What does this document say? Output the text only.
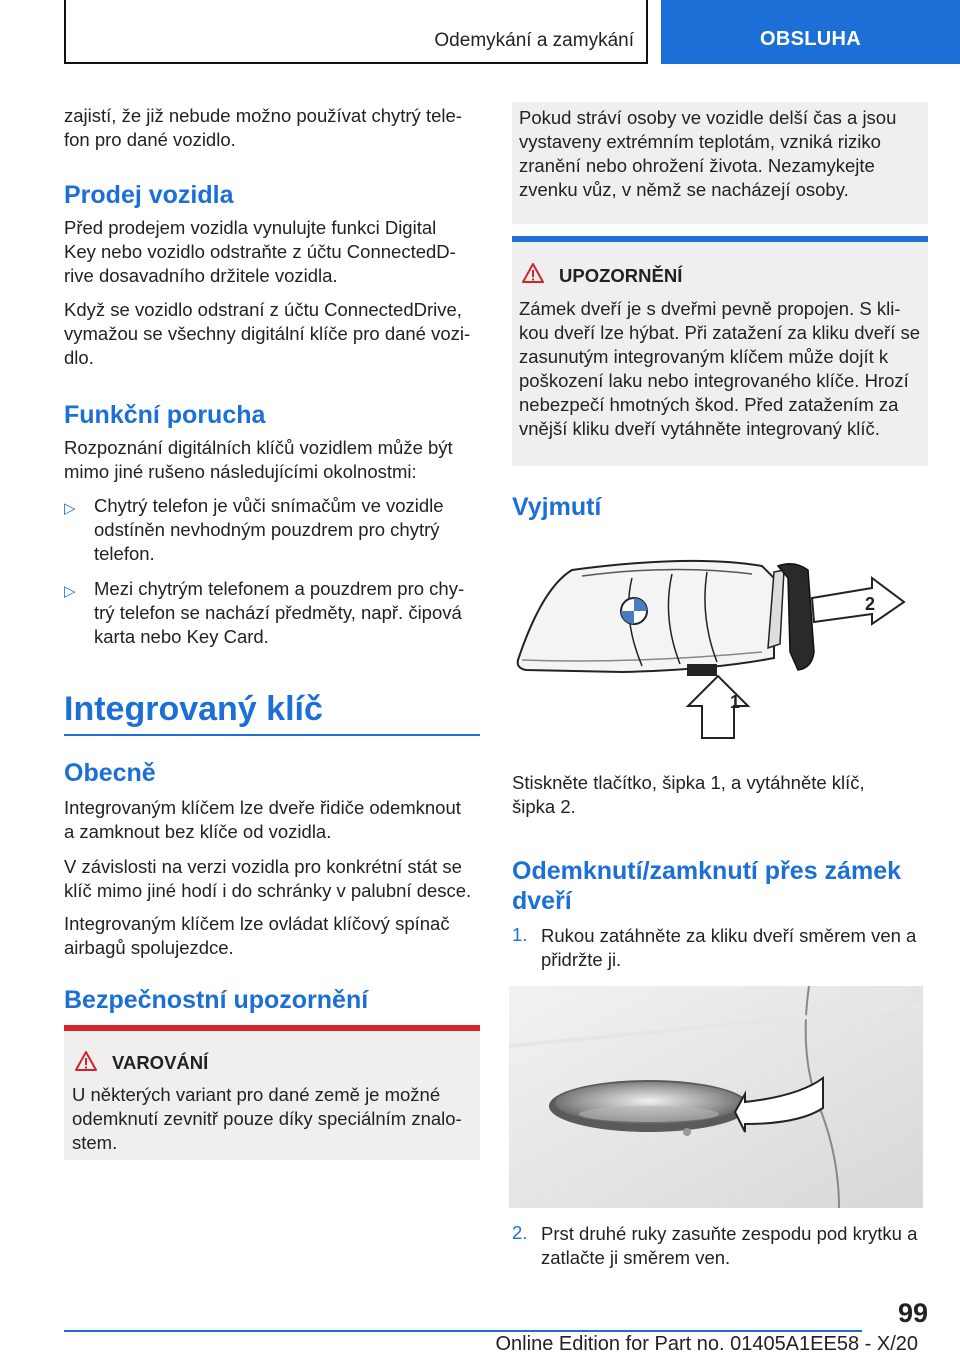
Odemykání a zamykání	OBSLUHA

zajistí, že již nebude možno používat chytrý tele-
fon pro dané vozidlo.

Prodej vozidla

Před prodejem vozidla vynulujte funkci Digital
Key nebo vozidlo odstraňte z účtu ConnectedD-
rive dosavadního držitele vozidla.

Když se vozidlo odstraní z účtu ConnectedDrive,
vymažou se všechny digitální klíče pro dané vozi-
dlo.

Funkční porucha

Rozpoznání digitálních klíčů vozidlem může být
mimo jiné rušeno následujícími okolnostmi:

▷ Chytrý telefon je vůči snímačům ve vozidle
odstíněn nevhodným pouzdrem pro chytrý
telefon.

▷ Mezi chytrým telefonem a pouzdrem pro chy-
trý telefon se nachází předměty, např. čipová
karta nebo Key Card.

Integrovaný klíč
Obecně

Integrovaným klíčem lze dveře řidiče odemknout
a zamknout bez klíče od vozidla.

V závislosti na verzi vozidla pro konkrétní stát se
klíč mimo jiné hodí i do schránky v palubní desce.

Integrovaným klíčem lze ovládat klíčový spínač
airbagů spolujezdce.

Bezpečnostní upozornění
VAROVÁNÍ

U některých variant pro dané země je možné
odemknutí zevnitř pouze díky speciálním znalo-
stem.

Pokud stráví osoby ve vozidle delší čas a jsou
vystaveny extrémním teplotám, vzniká riziko
zranění nebo ohrožení života. Nezamykejte
zvenku vůz, v němž se nacházejí osoby.

UPOZORNĚNÍ

Zámek dveří je s dveřmi pevně propojen. S kli-
kou dveří lze hýbat. Při zatažení za kliku dveří se
zasunutým integrovaným klíčem může dojít k
poškození laku nebo integrovaného klíče. Hrozí
nebezpečí hmotných škod. Před zatažením za
vnější kliku dveří vytáhněte integrovaný klíč.

Vyjmutí
2
1

Stiskněte tlačítko, šipka 1, a vytáhněte klíč,
šipka 2.

Odemknutí/zamknutí přes zámek
dveří
1. Rukou zatáhněte za kliku dveří směrem ven a
přidržte ji.

2. Prst druhé ruky zasuňte zespodu pod krytku a
zatlačte ji směrem ven.

99
Online Edition for Part no. 01405A1EE58 - X/20
